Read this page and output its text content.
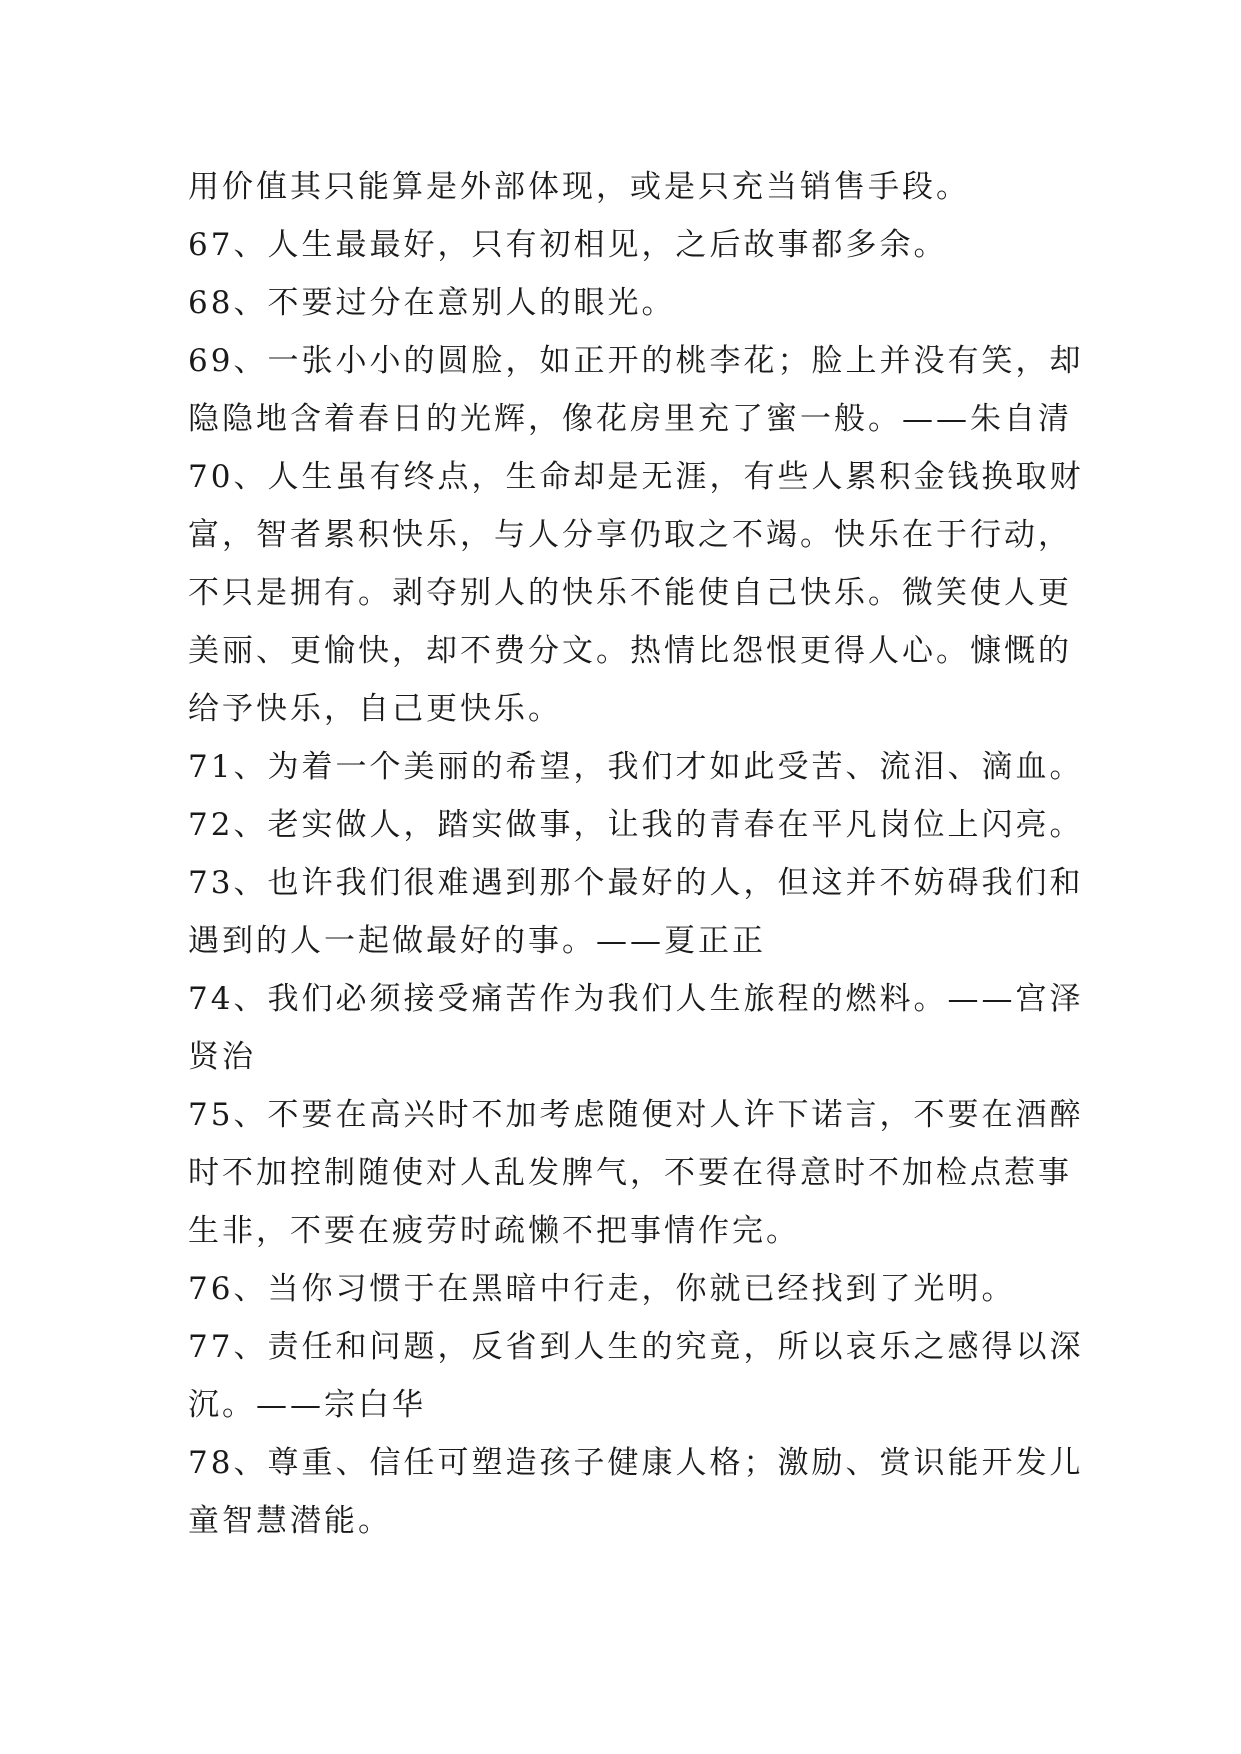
用价值其只能算是外部体现，或是只充当销售手段。
67、人生最最好，只有初相见，之后故事都多余。
68、不要过分在意别人的眼光。
69、一张小小的圆脸，如正开的桃李花；脸上并没有笑，却
隐隐地含着春日的光辉，像花房里充了蜜一般。——朱自清
70、人生虽有终点，生命却是无涯，有些人累积金钱换取财
富，智者累积快乐，与人分享仍取之不竭。快乐在于行动，
不只是拥有。剥夺别人的快乐不能使自己快乐。微笑使人更
美丽、更愉快，却不费分文。热情比怨恨更得人心。慷慨的
给予快乐，自己更快乐。
71、为着一个美丽的希望，我们才如此受苦、流泪、滴血。
72、老实做人，踏实做事，让我的青春在平凡岗位上闪亮。
73、也许我们很难遇到那个最好的人，但这并不妨碍我们和
遇到的人一起做最好的事。——夏正正
74、我们必须接受痛苦作为我们人生旅程的燃料。——宫泽
贤治
75、不要在高兴时不加考虑随便对人许下诺言，不要在酒醉
时不加控制随使对人乱发脾气，不要在得意时不加检点惹事
生非，不要在疲劳时疏懒不把事情作完。
76、当你习惯于在黑暗中行走，你就已经找到了光明。
77、责任和问题，反省到人生的究竟，所以哀乐之感得以深
沉。——宗白华
78、尊重、信任可塑造孩子健康人格；激励、赏识能开发儿
童智慧潜能。
